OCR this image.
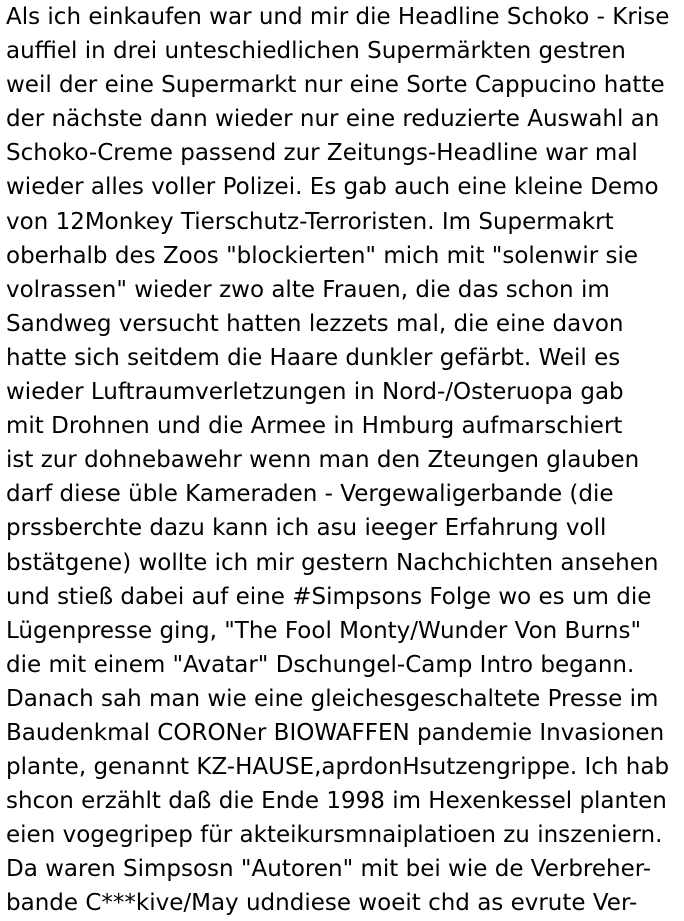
Als ich einkaufen war und mir die Headline Schoko - Krise
auffiel in drei unteschiedlichen Supermärkten gestren
weil der eine Supermarkt nur eine Sorte Cappucino hatte
der nächste dann wieder nur eine reduzierte Auswahl an
Schoko-Creme passend zur Zeitungs-Headline war mal
wieder alles voller Polizei. Es gab auch eine kleine Demo
von 12Monkey Tierschutz-Terroristen. Im Supermakrt
oberhalb des Zoos "blockierten" mich mit "solenwir sie
volrassen" wieder zwo alte Frauen, die das schon im
Sandweg versucht hatten lezzets mal, die eine davon
hatte sich seitdem die Haare dunkler gefärbt. Weil es
wieder Luftraumverletzungen in Nord-/Osteruopa gab
mit Drohnen und die Armee in Hmburg aufmarschiert
ist zur dohnebawehr wenn man den Zteungen glauben
darf diese üble Kameraden - Vergewaligerbande (die
prssberchte dazu kann ich asu ieeger Erfahrung voll
bstätgene) wollte ich mir gestern Nachchichten ansehen
und stieß dabei auf eine #Simpsons Folge wo es um die
Lügenpresse ging, "The Fool Monty/Wunder Von Burns"
die mit einem "Avatar" Dschungel-Camp Intro begann.
Danach sah man wie eine gleichesgeschaltete Presse im
Baudenkmal CORONer BIOWAFFEN pandemie Invasionen
plante, genannt KZ-HAUSE,aprdonHsutzengrippe. Ich hab
shcon erzählt daß die Ende 1998 im Hexenkessel planten
eien vogegripep für akteikursmnaiplatioen zu inszeniern.
Da waren Simpsosn "Autoren" mit bei wie de Verbreher-
bande C***kive/May udndiese woeit chd as evrute Ver-
